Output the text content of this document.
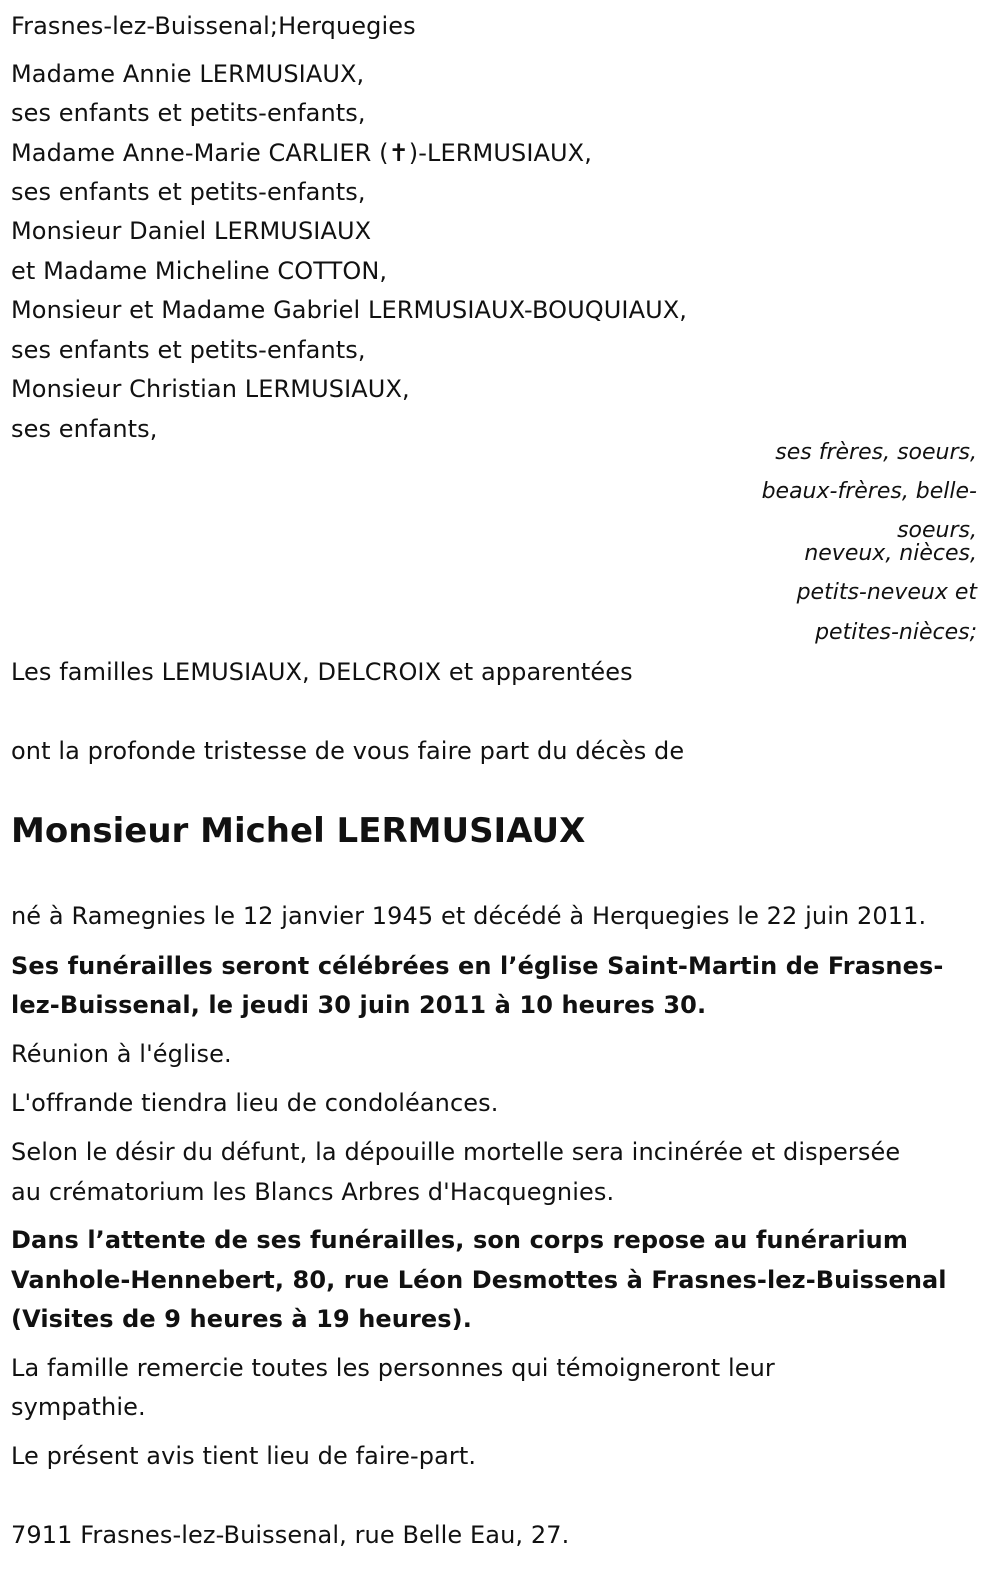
Frasnes-lez-Buissenal;Herquegies
Madame Annie LERMUSIAUX,
ses enfants et petits-enfants,
Madame Anne-Marie CARLIER (✝)-LERMUSIAUX,
ses enfants et petits-enfants,
Monsieur Daniel LERMUSIAUX
et Madame Micheline COTTON,
Monsieur et Madame Gabriel LERMUSIAUX-BOUQUIAUX,
ses enfants et petits-enfants,
Monsieur Christian LERMUSIAUX,
ses enfants,
ses frères, soeurs,
beaux-frères, belle-
soeurs,
neveux, nièces,
petits-neveux et
petites-nièces;
Les familles LEMUSIAUX, DELCROIX et apparentées
ont la profonde tristesse de vous faire part du décès de
Monsieur Michel LERMUSIAUX
né à Ramegnies le 12 janvier 1945 et décédé à Herquegies le 22 juin 2011.
Ses funérailles seront célébrées en l’église Saint-Martin de Frasnes-
lez-Buissenal, le jeudi 30 juin 2011 à 10 heures 30.
Réunion à l'église.
L'offrande tiendra lieu de condoléances.
Selon le désir du défunt, la dépouille mortelle sera incinérée et dispersée
au crématorium les Blancs Arbres d'Hacquegnies.
Dans l’attente de ses funérailles, son corps repose au funérarium
Vanhole-Hennebert, 80, rue Léon Desmottes à Frasnes-lez-Buissenal
(Visites de 9 heures à 19 heures).
La famille remercie toutes les personnes qui témoigneront leur
sympathie.
Le présent avis tient lieu de faire-part.
7911 Frasnes-lez-Buissenal, rue Belle Eau, 27.
